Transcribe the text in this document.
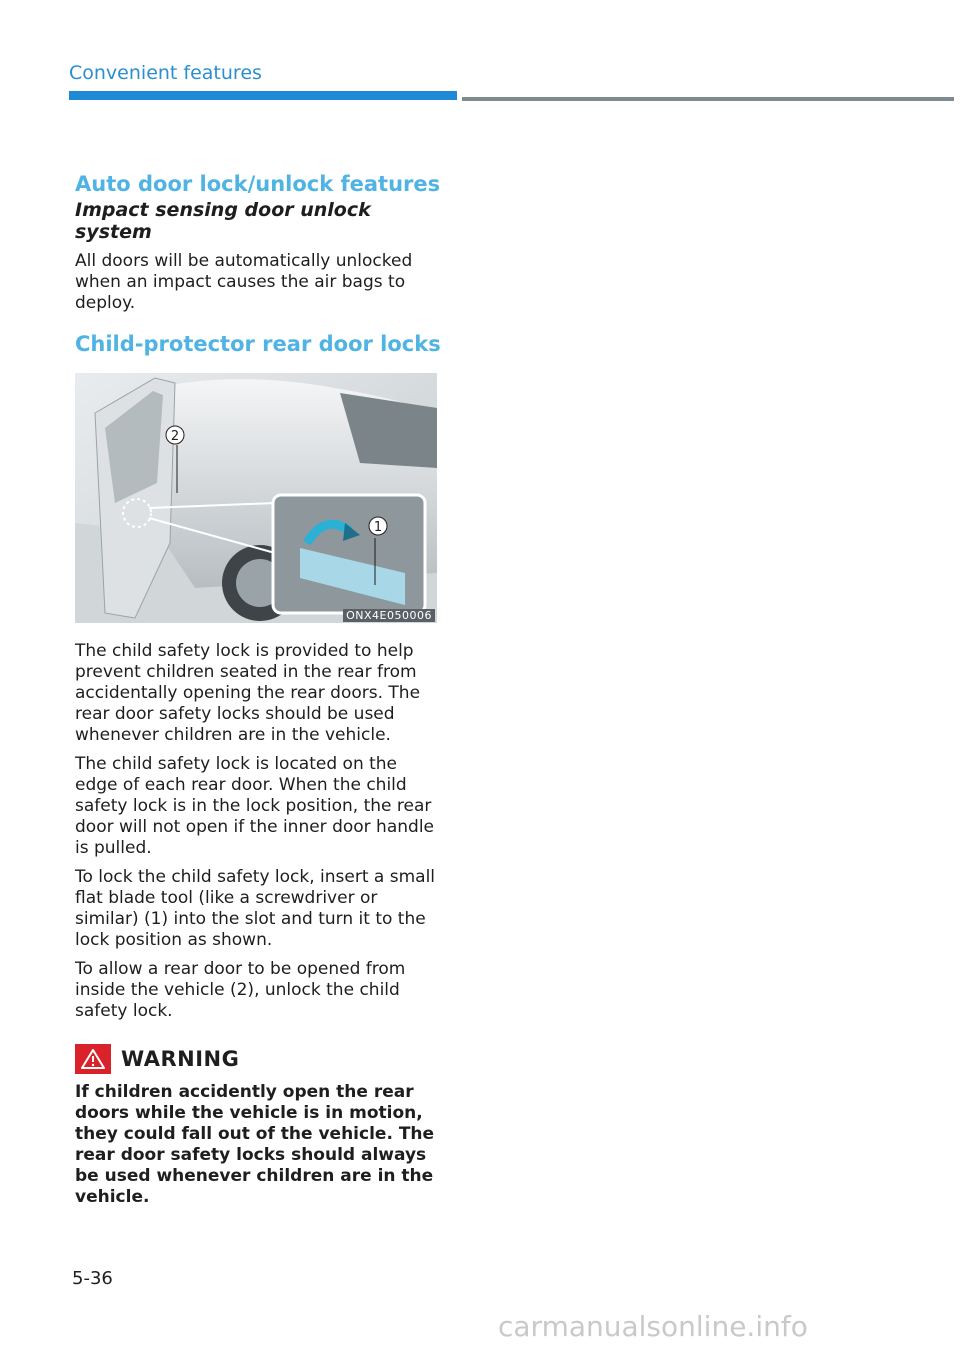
Convenient features
Auto door lock/unlock features
Impact sensing door unlock system

All doors will be automatically unlocked when an impact causes the air bags to deploy.

Child-protector rear door locks
2
1
ONX4E050006

The child safety lock is provided to help prevent children seated in the rear from accidentally opening the rear doors. The rear door safety locks should be used whenever children are in the vehicle.

The child safety lock is located on the edge of each rear door. When the child safety lock is in the lock position, the rear door will not open if the inner door handle is pulled.

To lock the child safety lock, insert a small flat blade tool (like a screwdriver or similar) (1) into the slot and turn it to the lock position as shown.

To allow a rear door to be opened from inside the vehicle (2), unlock the child safety lock.

WARNING

If children accidently open the rear doors while the vehicle is in motion, they could fall out of the vehicle. The rear door safety locks should always be used whenever children are in the vehicle.

5-36
carmanualsonline.info
